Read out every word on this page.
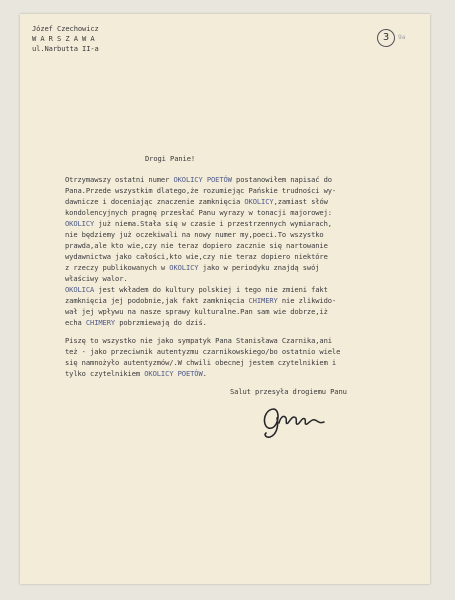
Józef Czechowicz
W A R S Z A W A
ul.Narbutta II-a
3	9a
Drogi Panie!
Otrzymawszy ostatni numer OKOLICY POETÓW postanowiłem napisać do
Pana.Przede wszystkim dlatego,że rozumiejąc Pańskie trudności wy-
dawnicze i doceniając znaczenie zamknięcia OKOLICY,zamiast słów
kondolencyjnych pragnę przesłać Panu wyrazy w tonacji majorowej:
OKOLICY już niema.Stała się w czasie i przestrzennych wymiarach,
nie będziemy już oczekiwali na nowy numer my,poeci.To wszystko
prawda,ale kto wie,czy nie teraz dopiero zacznie się nartowanie
wydawnictwa jako całości,kto wie,czy nie teraz dopiero niektóre
z rzeczy publikowanych w OKOLICY jako w periodyku znajdą swój
właściwy walor.
OKOLICA jest wkładem do kultury polskiej i tego nie zmieni fakt
zamknięcia jej podobnie,jak fakt zamknięcia CHIMERY nie zlikwido-
wał jej wpływu na nasze sprawy kulturalne.Pan sam wie dobrze,iż
echa CHIMERY pobrzmiewają do dziś.
Piszę to wszystko nie jako sympatyk Pana Stanisława Czarnika,ani
też - jako przeciwnik autentyzmu czarnikowskiego/bo ostatnio wiele
się namnożyło autentyzmów/.W chwili obecnej jestem czytelnikiem i
tylko czytelnikiem OKOLICY POETÓW.
Salut przesyła drogiemu Panu
